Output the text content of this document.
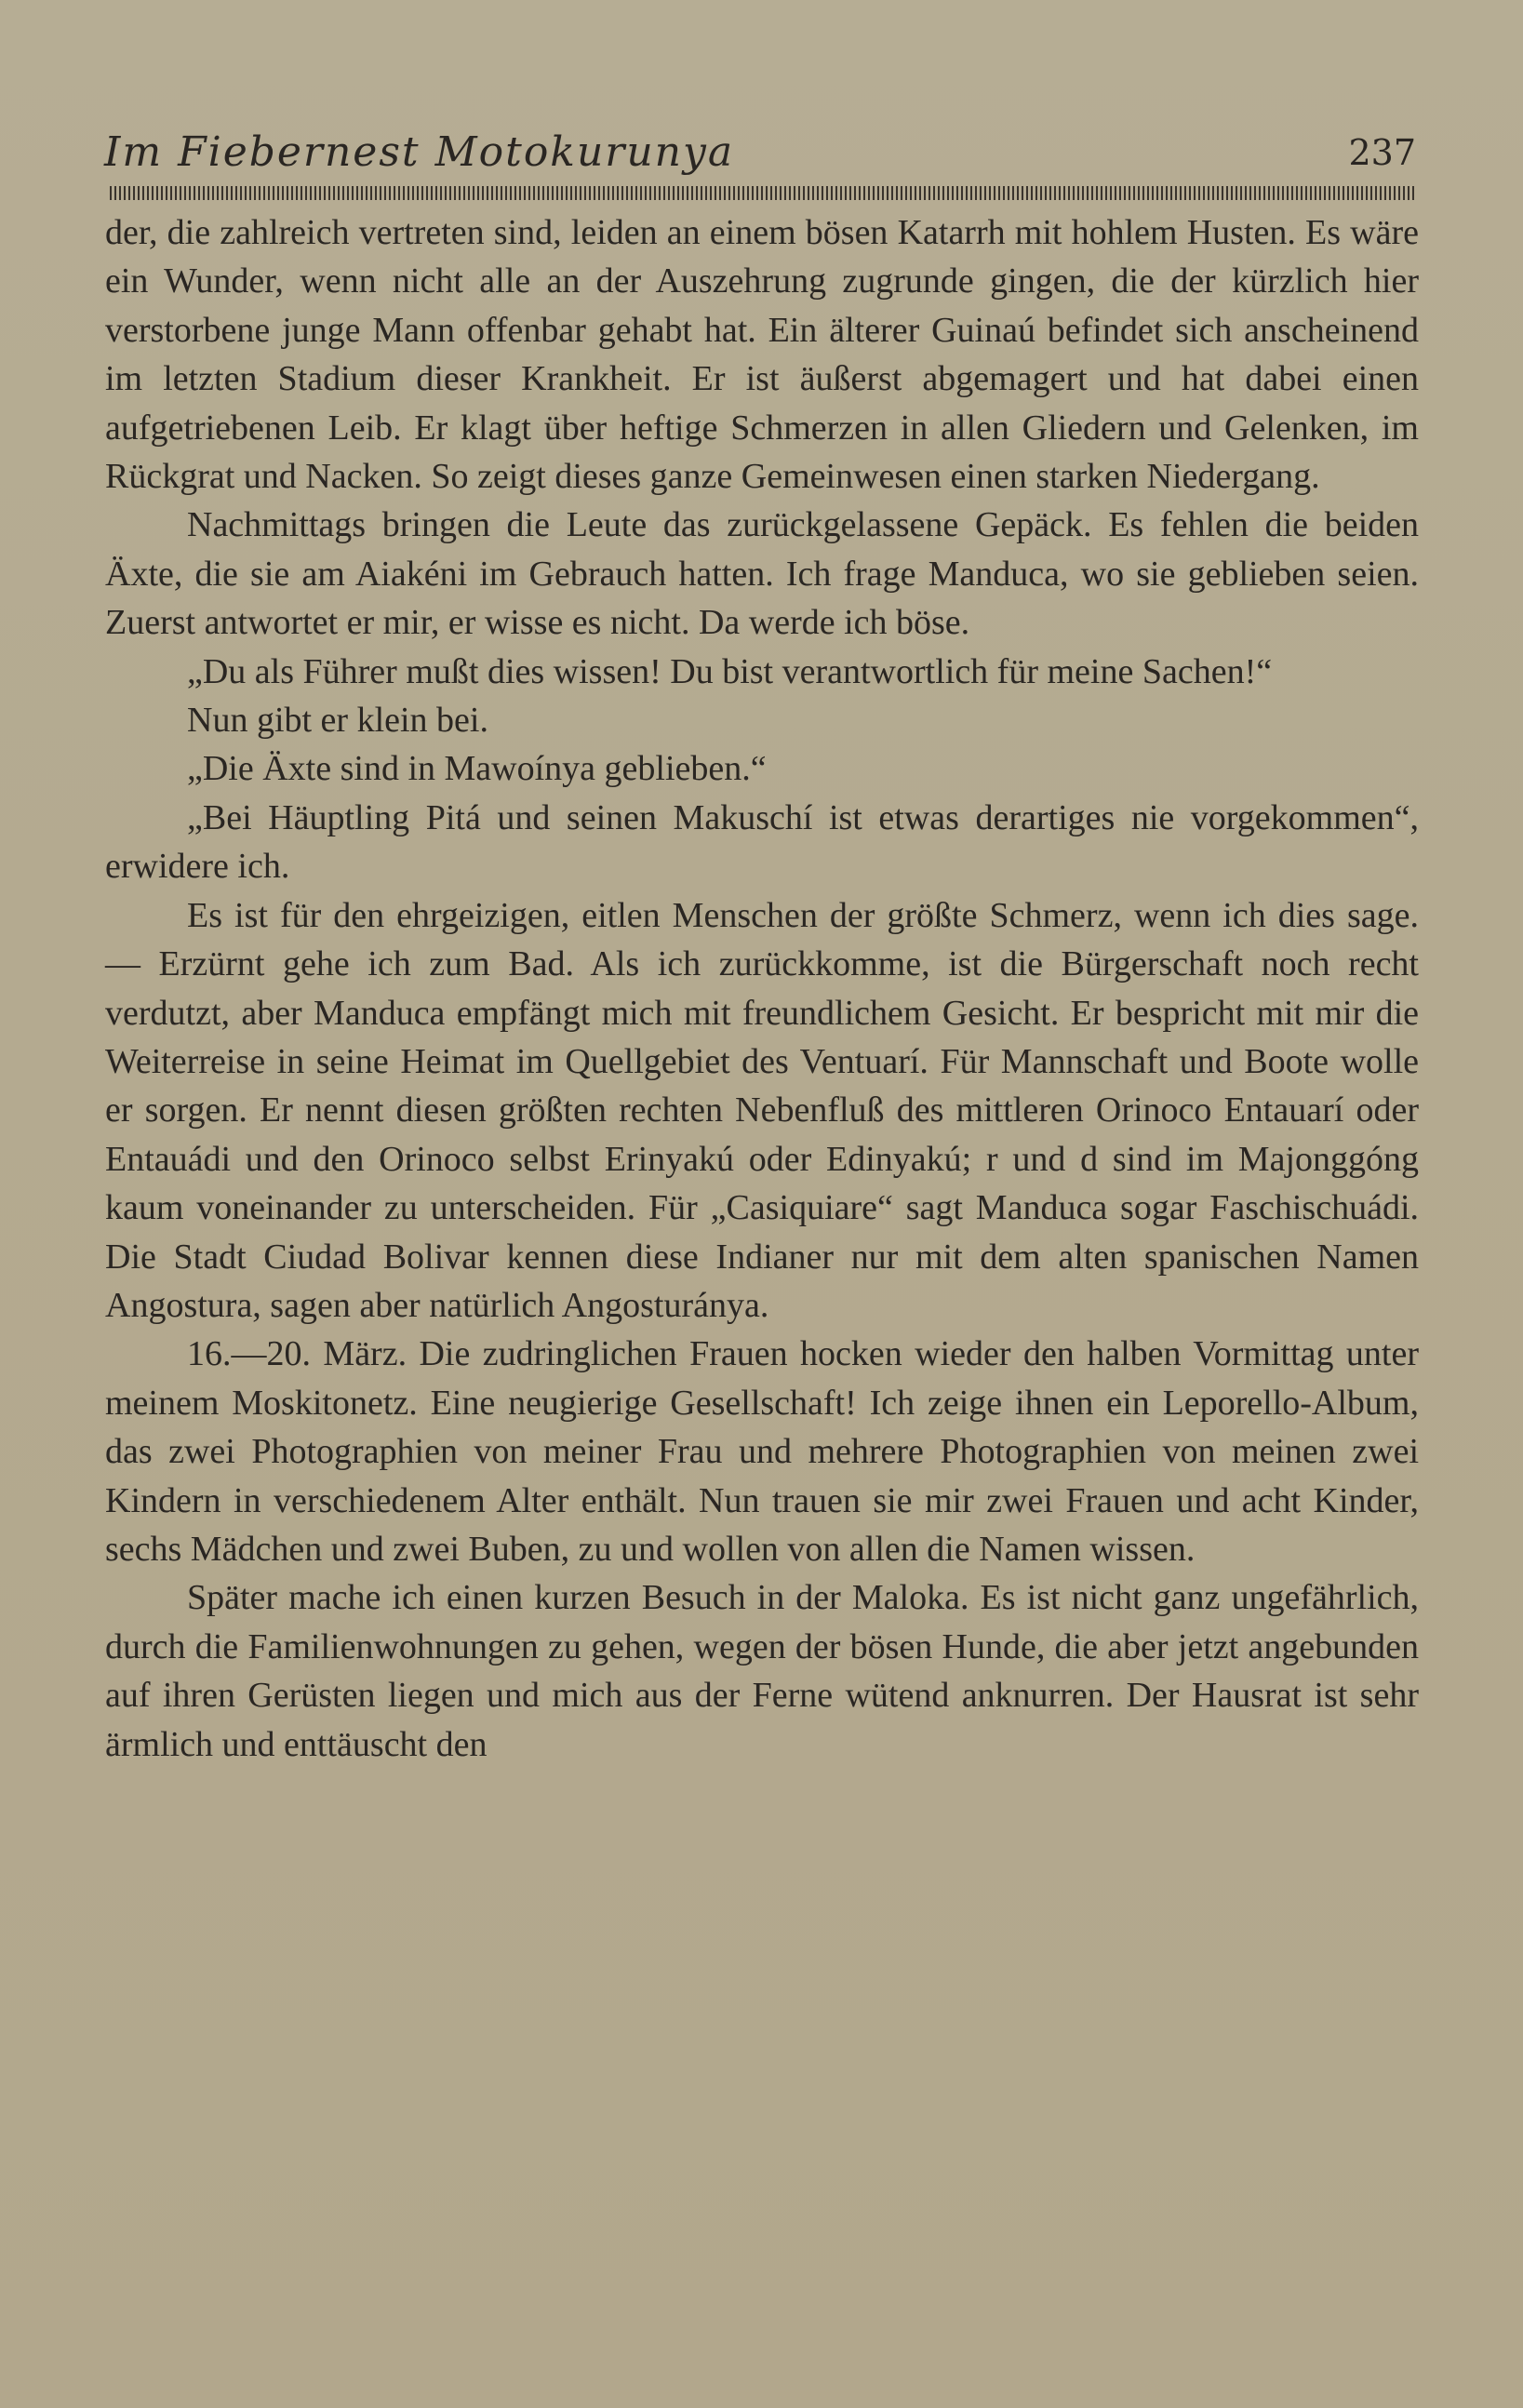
Im Fiebernest Motokurunya	237

der, die zahlreich vertreten sind, leiden an einem bösen Katarrh mit hohlem Husten. Es wäre ein Wunder, wenn nicht alle an der Auszehrung zugrunde gingen, die der kürzlich hier verstorbene junge Mann offenbar gehabt hat. Ein älterer Guinaú befindet sich anscheinend im letzten Stadium dieser Krankheit. Er ist äußerst abgemagert und hat dabei einen aufgetriebenen Leib. Er klagt über heftige Schmerzen in allen Gliedern und Gelenken, im Rückgrat und Nacken. So zeigt dieses ganze Gemeinwesen einen starken Niedergang.

Nachmittags bringen die Leute das zurückgelassene Gepäck. Es fehlen die beiden Äxte, die sie am Aiakéni im Gebrauch hatten. Ich frage Manduca, wo sie geblieben seien. Zuerst antwortet er mir, er wisse es nicht. Da werde ich böse.

„Du als Führer mußt dies wissen! Du bist verantwortlich für meine Sachen!“

Nun gibt er klein bei.

„Die Äxte sind in Mawoínya geblieben.“

„Bei Häuptling Pitá und seinen Makuschí ist etwas derartiges nie vorgekommen“, erwidere ich.

Es ist für den ehrgeizigen, eitlen Menschen der größte Schmerz, wenn ich dies sage. — Erzürnt gehe ich zum Bad. Als ich zurückkomme, ist die Bürgerschaft noch recht verdutzt, aber Manduca empfängt mich mit freundlichem Gesicht. Er bespricht mit mir die Weiterreise in seine Heimat im Quellgebiet des Ventuarí. Für Mannschaft und Boote wolle er sorgen. Er nennt diesen größten rechten Nebenfluß des mittleren Orinoco Entauarí oder Entauádi und den Orinoco selbst Erinyakú oder Edinyakú; r und d sind im Majonggóng kaum voneinander zu unterscheiden. Für „Casiquiare“ sagt Manduca sogar Faschischuádi. Die Stadt Ciudad Bolivar kennen diese Indianer nur mit dem alten spanischen Namen Angostura, sagen aber natürlich Angosturánya.

16.—20. März. Die zudringlichen Frauen hocken wieder den halben Vormittag unter meinem Moskitonetz. Eine neugierige Gesellschaft! Ich zeige ihnen ein Leporello-Album, das zwei Photographien von meiner Frau und mehrere Photographien von meinen zwei Kindern in verschiedenem Alter enthält. Nun trauen sie mir zwei Frauen und acht Kinder, sechs Mädchen und zwei Buben, zu und wollen von allen die Namen wissen.

Später mache ich einen kurzen Besuch in der Maloka. Es ist nicht ganz ungefährlich, durch die Familienwohnungen zu gehen, wegen der bösen Hunde, die aber jetzt angebunden auf ihren Gerüsten liegen und mich aus der Ferne wütend anknurren. Der Hausrat ist sehr ärmlich und enttäuscht den
